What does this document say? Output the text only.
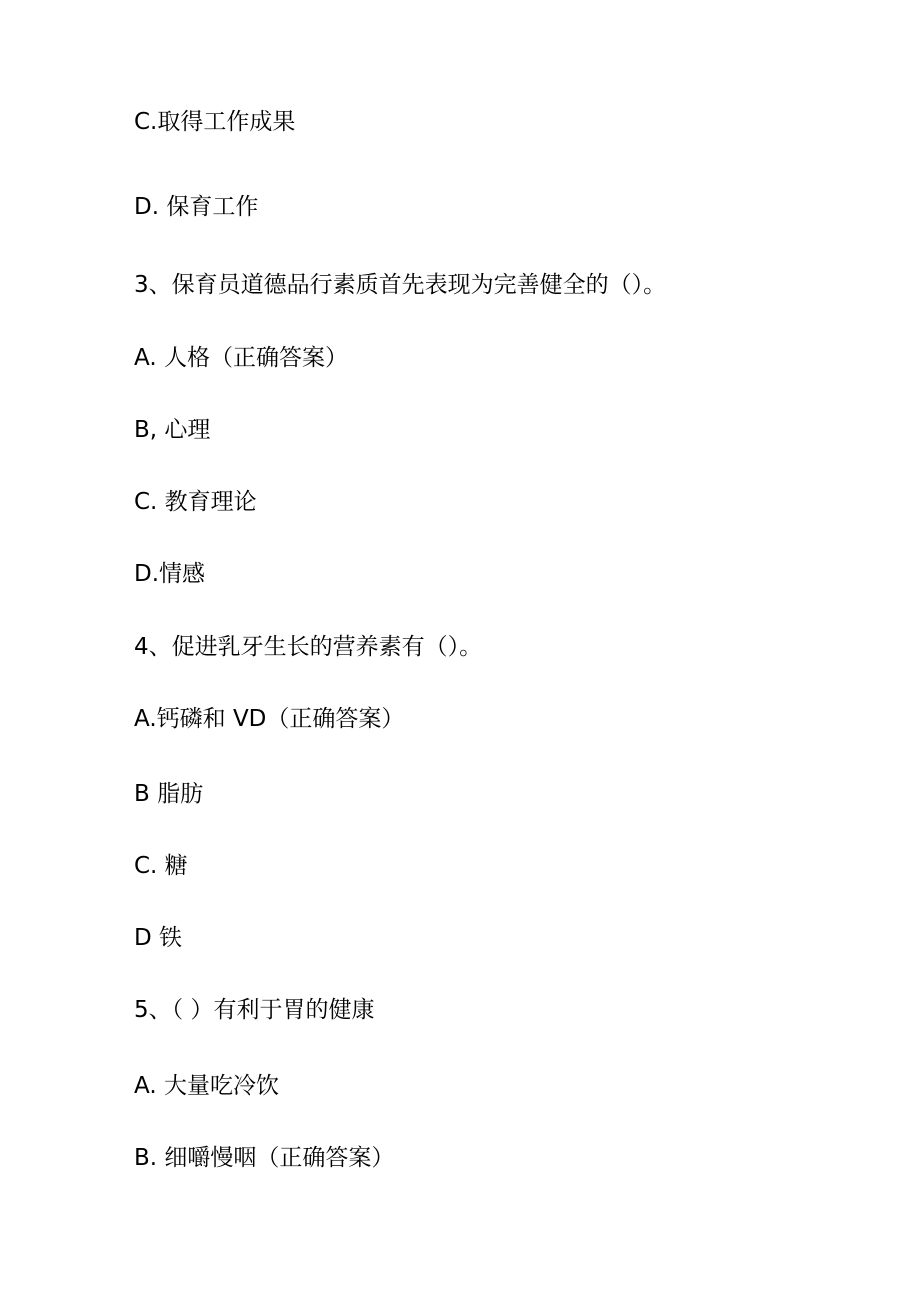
C.取得工作成果
D. 保育工作
3、保育员道德品行素质首先表现为完善健全的（）。
A. 人格（正确答案）
B, 心理
C. 教育理论
D.情感
4、促进乳牙生长的营养素有（）。
A.钙磷和 VD（正确答案）
B 脂肪
C. 糖
D 铁
5、（ ）有利于胃的健康
A. 大量吃冷饮
B. 细嚼慢咽（正确答案）
